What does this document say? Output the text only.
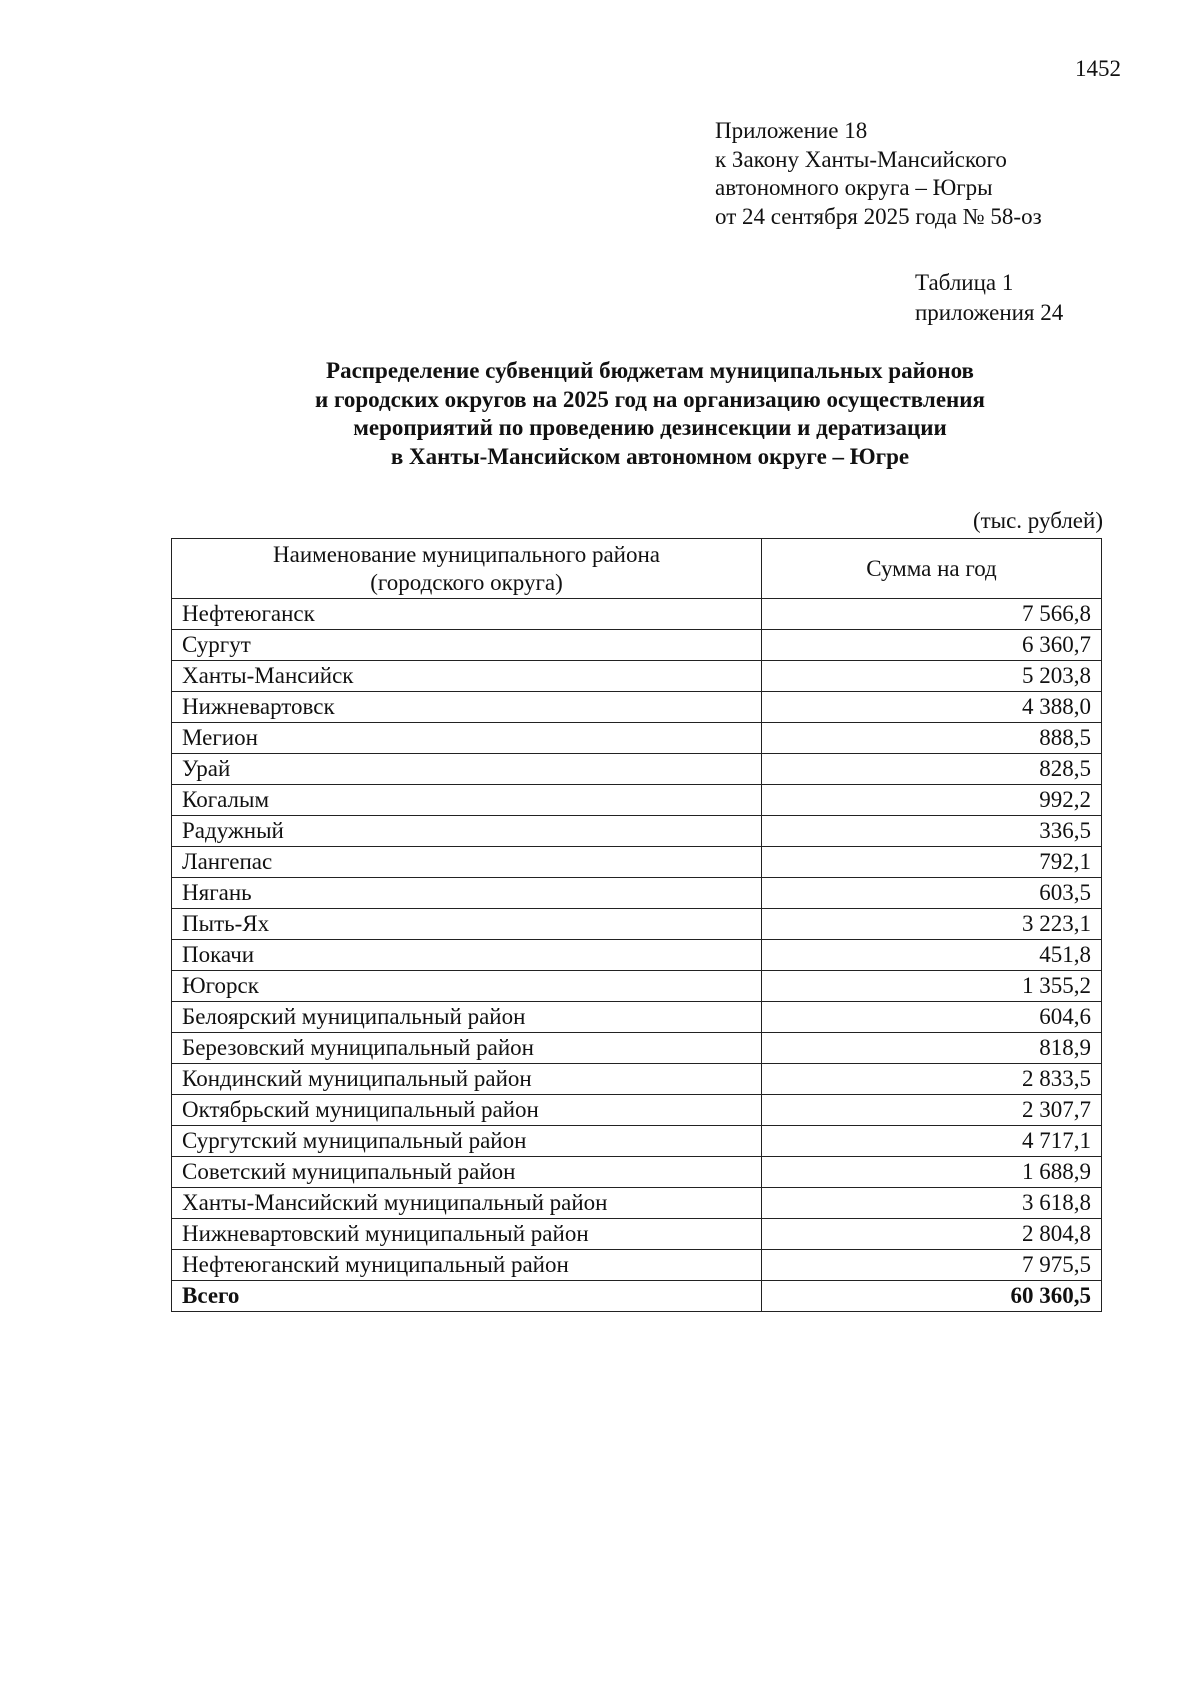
1452
Приложение 18
к Закону Ханты-Мансийского
автономного округа – Югры
от 24 сентября 2025 года № 58-оз
Таблица 1
приложения 24
Распределение субвенций бюджетам муниципальных районов
и городских округов на 2025 год на организацию осуществления
мероприятий по проведению дезинсекции и дератизации
в Ханты-Мансийском автономном округе – Югре
(тыс. рублей)
Наименование муниципального района
(городского округа)	Сумма на год
Нефтеюганск	7 566,8
Сургут	6 360,7
Ханты-Мансийск	5 203,8
Нижневартовск	4 388,0
Мегион	888,5
Урай	828,5
Когалым	992,2
Радужный	336,5
Лангепас	792,1
Нягань	603,5
Пыть-Ях	3 223,1
Покачи	451,8
Югорск	1 355,2
Белоярский муниципальный район	604,6
Березовский муниципальный район	818,9
Кондинский муниципальный район	2 833,5
Октябрьский муниципальный район	2 307,7
Сургутский муниципальный район	4 717,1
Советский муниципальный район	1 688,9
Ханты-Мансийский муниципальный район	3 618,8
Нижневартовский муниципальный район	2 804,8
Нефтеюганский муниципальный район	7 975,5
Всего	60 360,5
